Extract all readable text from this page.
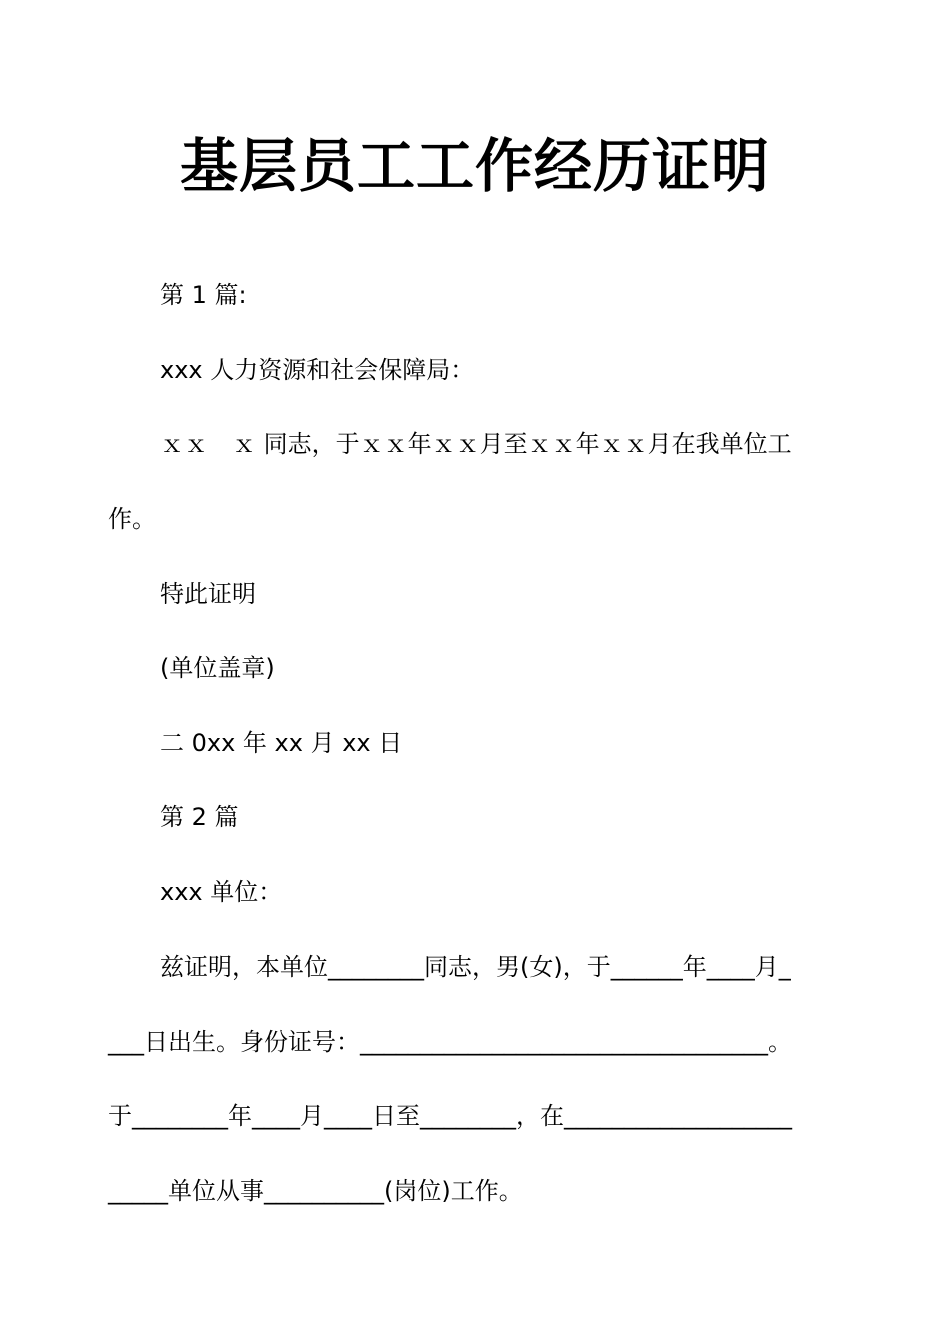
基层员工工作经历证明
第 1 篇:
xxx 人力资源和社会保障局：
ｘｘ　ｘ 同志，于ｘｘ年ｘｘ月至ｘｘ年ｘｘ月在我单位工
作。
特此证明
(单位盖章)
二 0xx 年 xx 月 xx 日
第 2 篇
xxx 单位：
兹证明，本单位________同志，男(女)，于______年____月_
___日出生。身份证号：__________________________________。
于________年____月____日至________，在___________________
_____单位从事__________(岗位)工作。
